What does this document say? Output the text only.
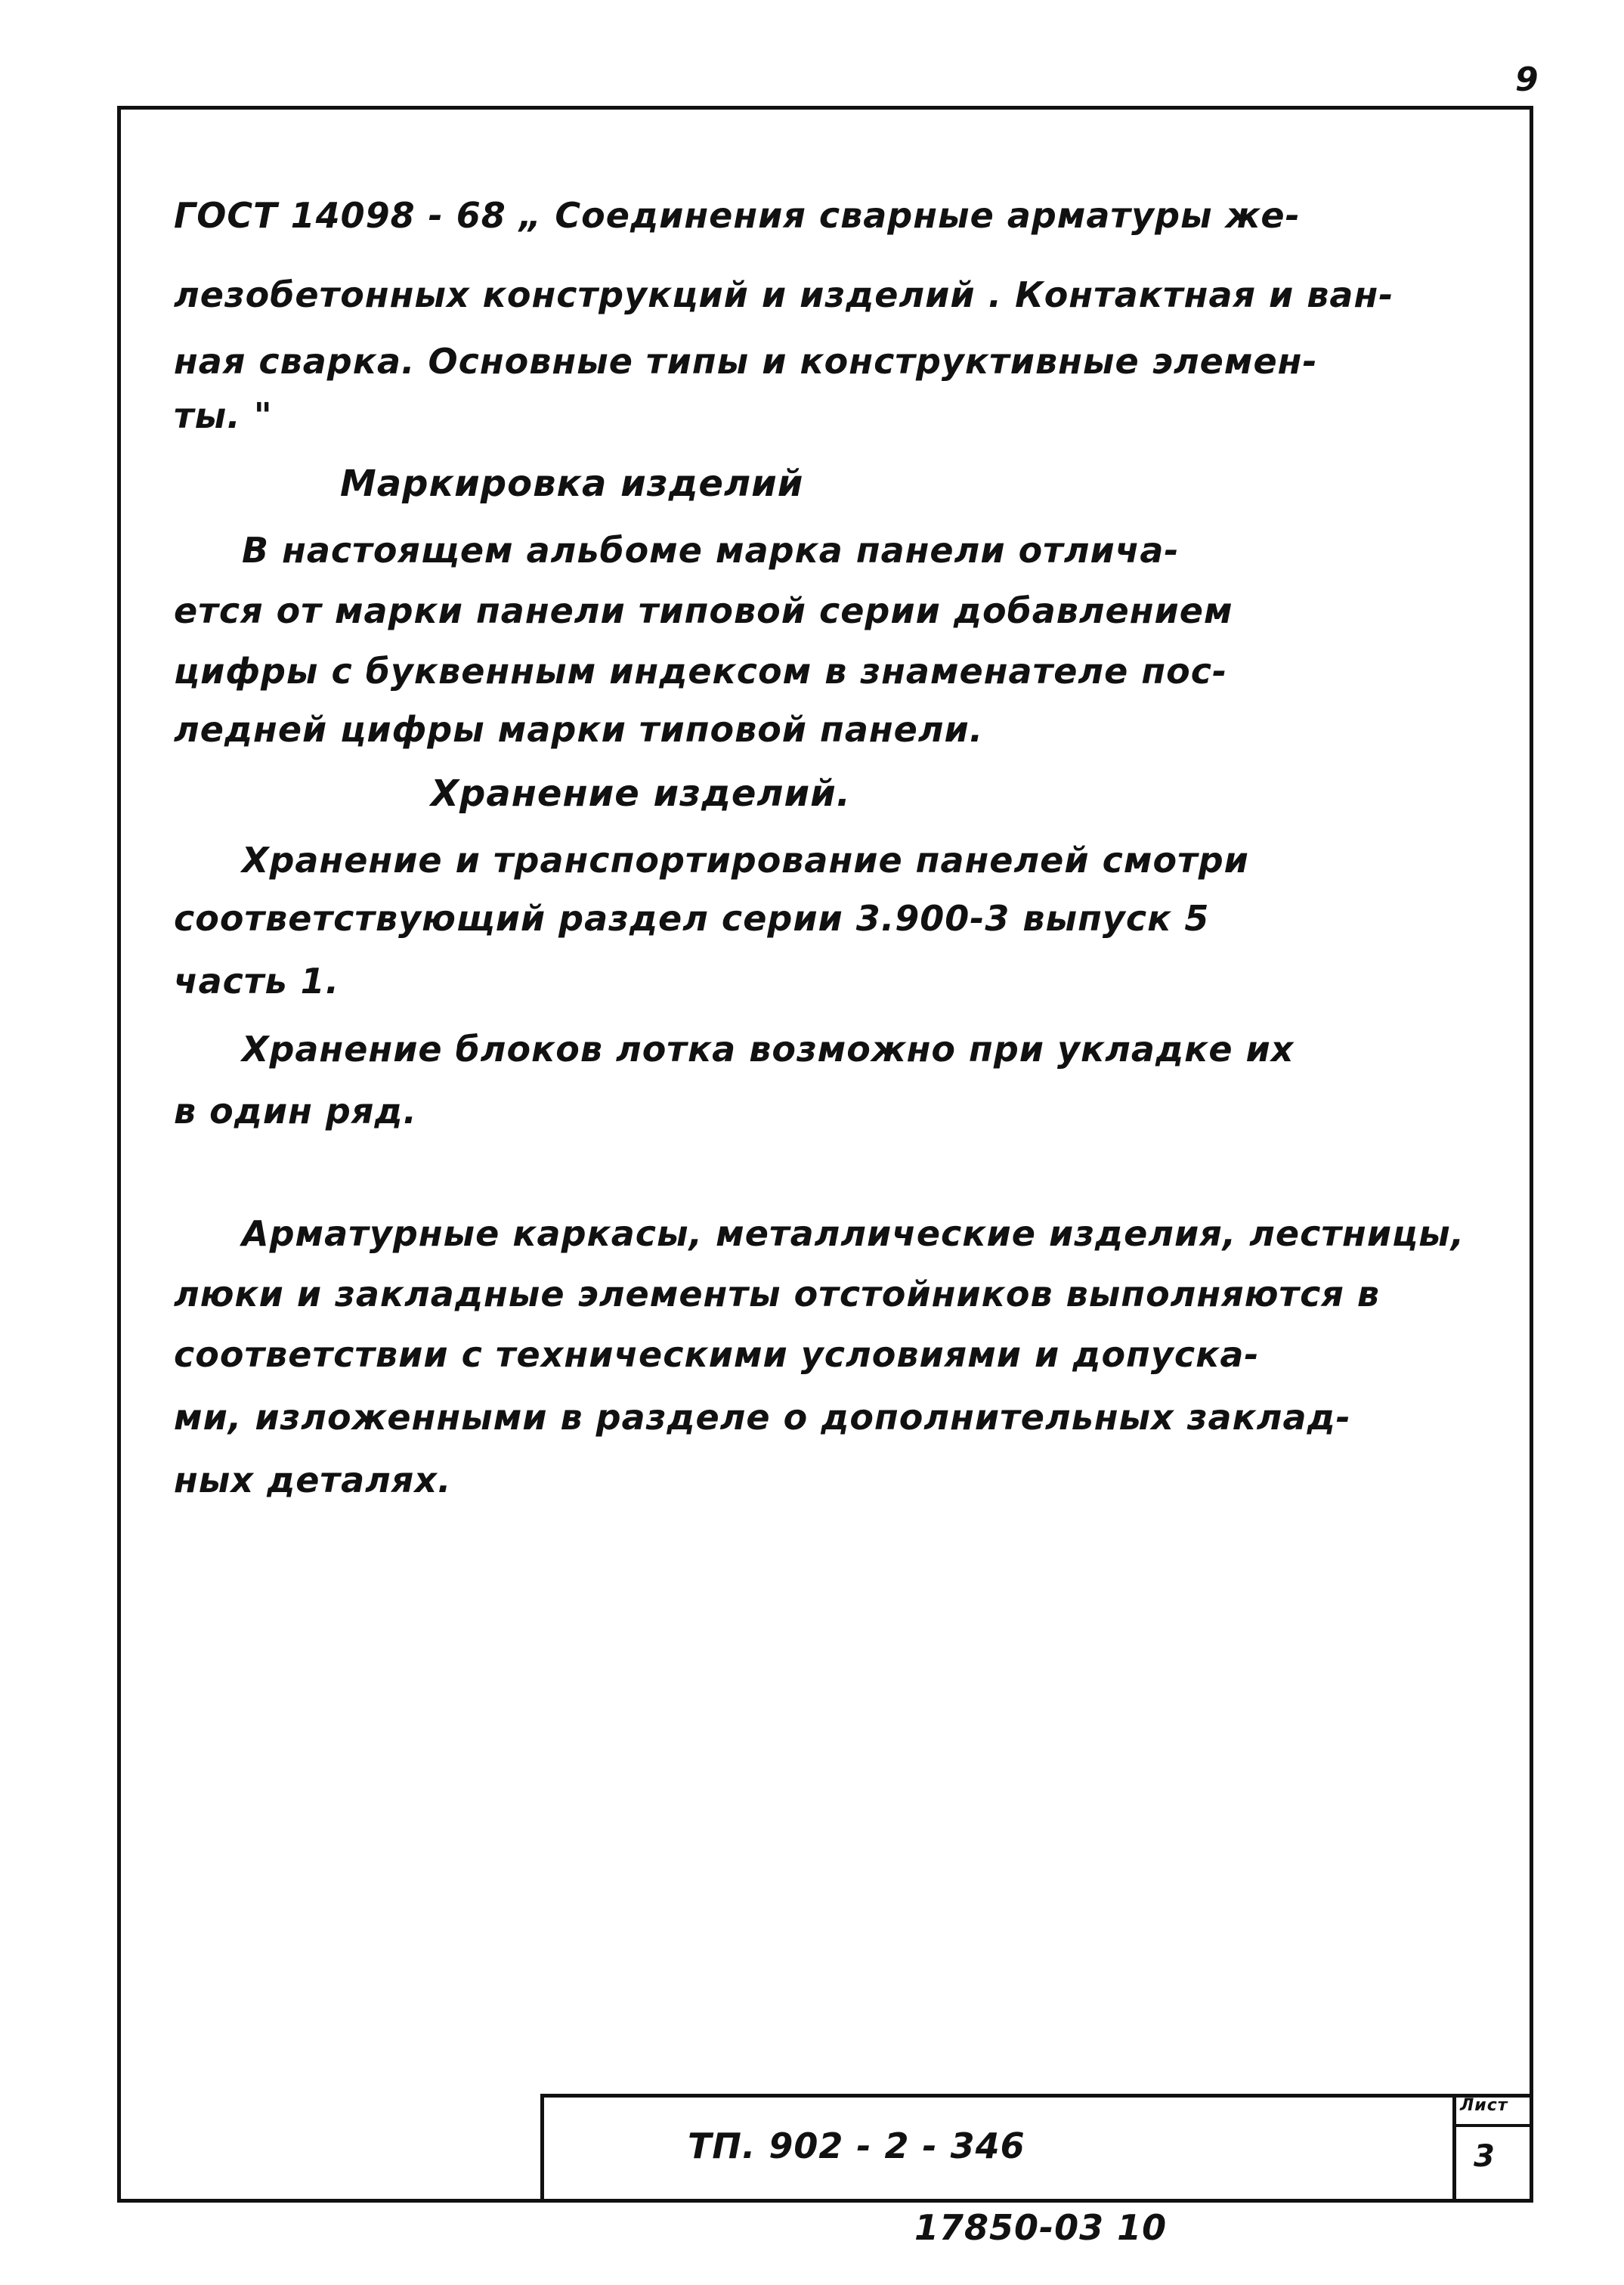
9
ГОСТ 14098 - 68 „ Соединения сварные арматуры же-
лезобетонных конструкций и изделий . Контактная и ван-
ная сварка. Основные типы и конструктивные элемен-
ты. "
Маркировка изделий
В настоящем альбоме марка панели отлича-
ется от марки панели типовой серии добавлением
цифры с буквенным индексом в знаменателе пос-
ледней цифры марки типовой панели.
Хранение изделий.
Хранение и транспортирование панелей смотри
соответствующий раздел серии 3.900-3 выпуск 5
часть 1.
Хранение блоков лотка возможно при укладке их
в один ряд.
Арматурные каркасы, металлические изделия, лестницы,
люки и закладные элементы отстойников выполняются в
соответствии с техническими условиями и допуска-
ми, изложенными в разделе о дополнительных заклад-
ных деталях.
ТП. 902 - 2 - 346
Лист
3
17850-03 10
